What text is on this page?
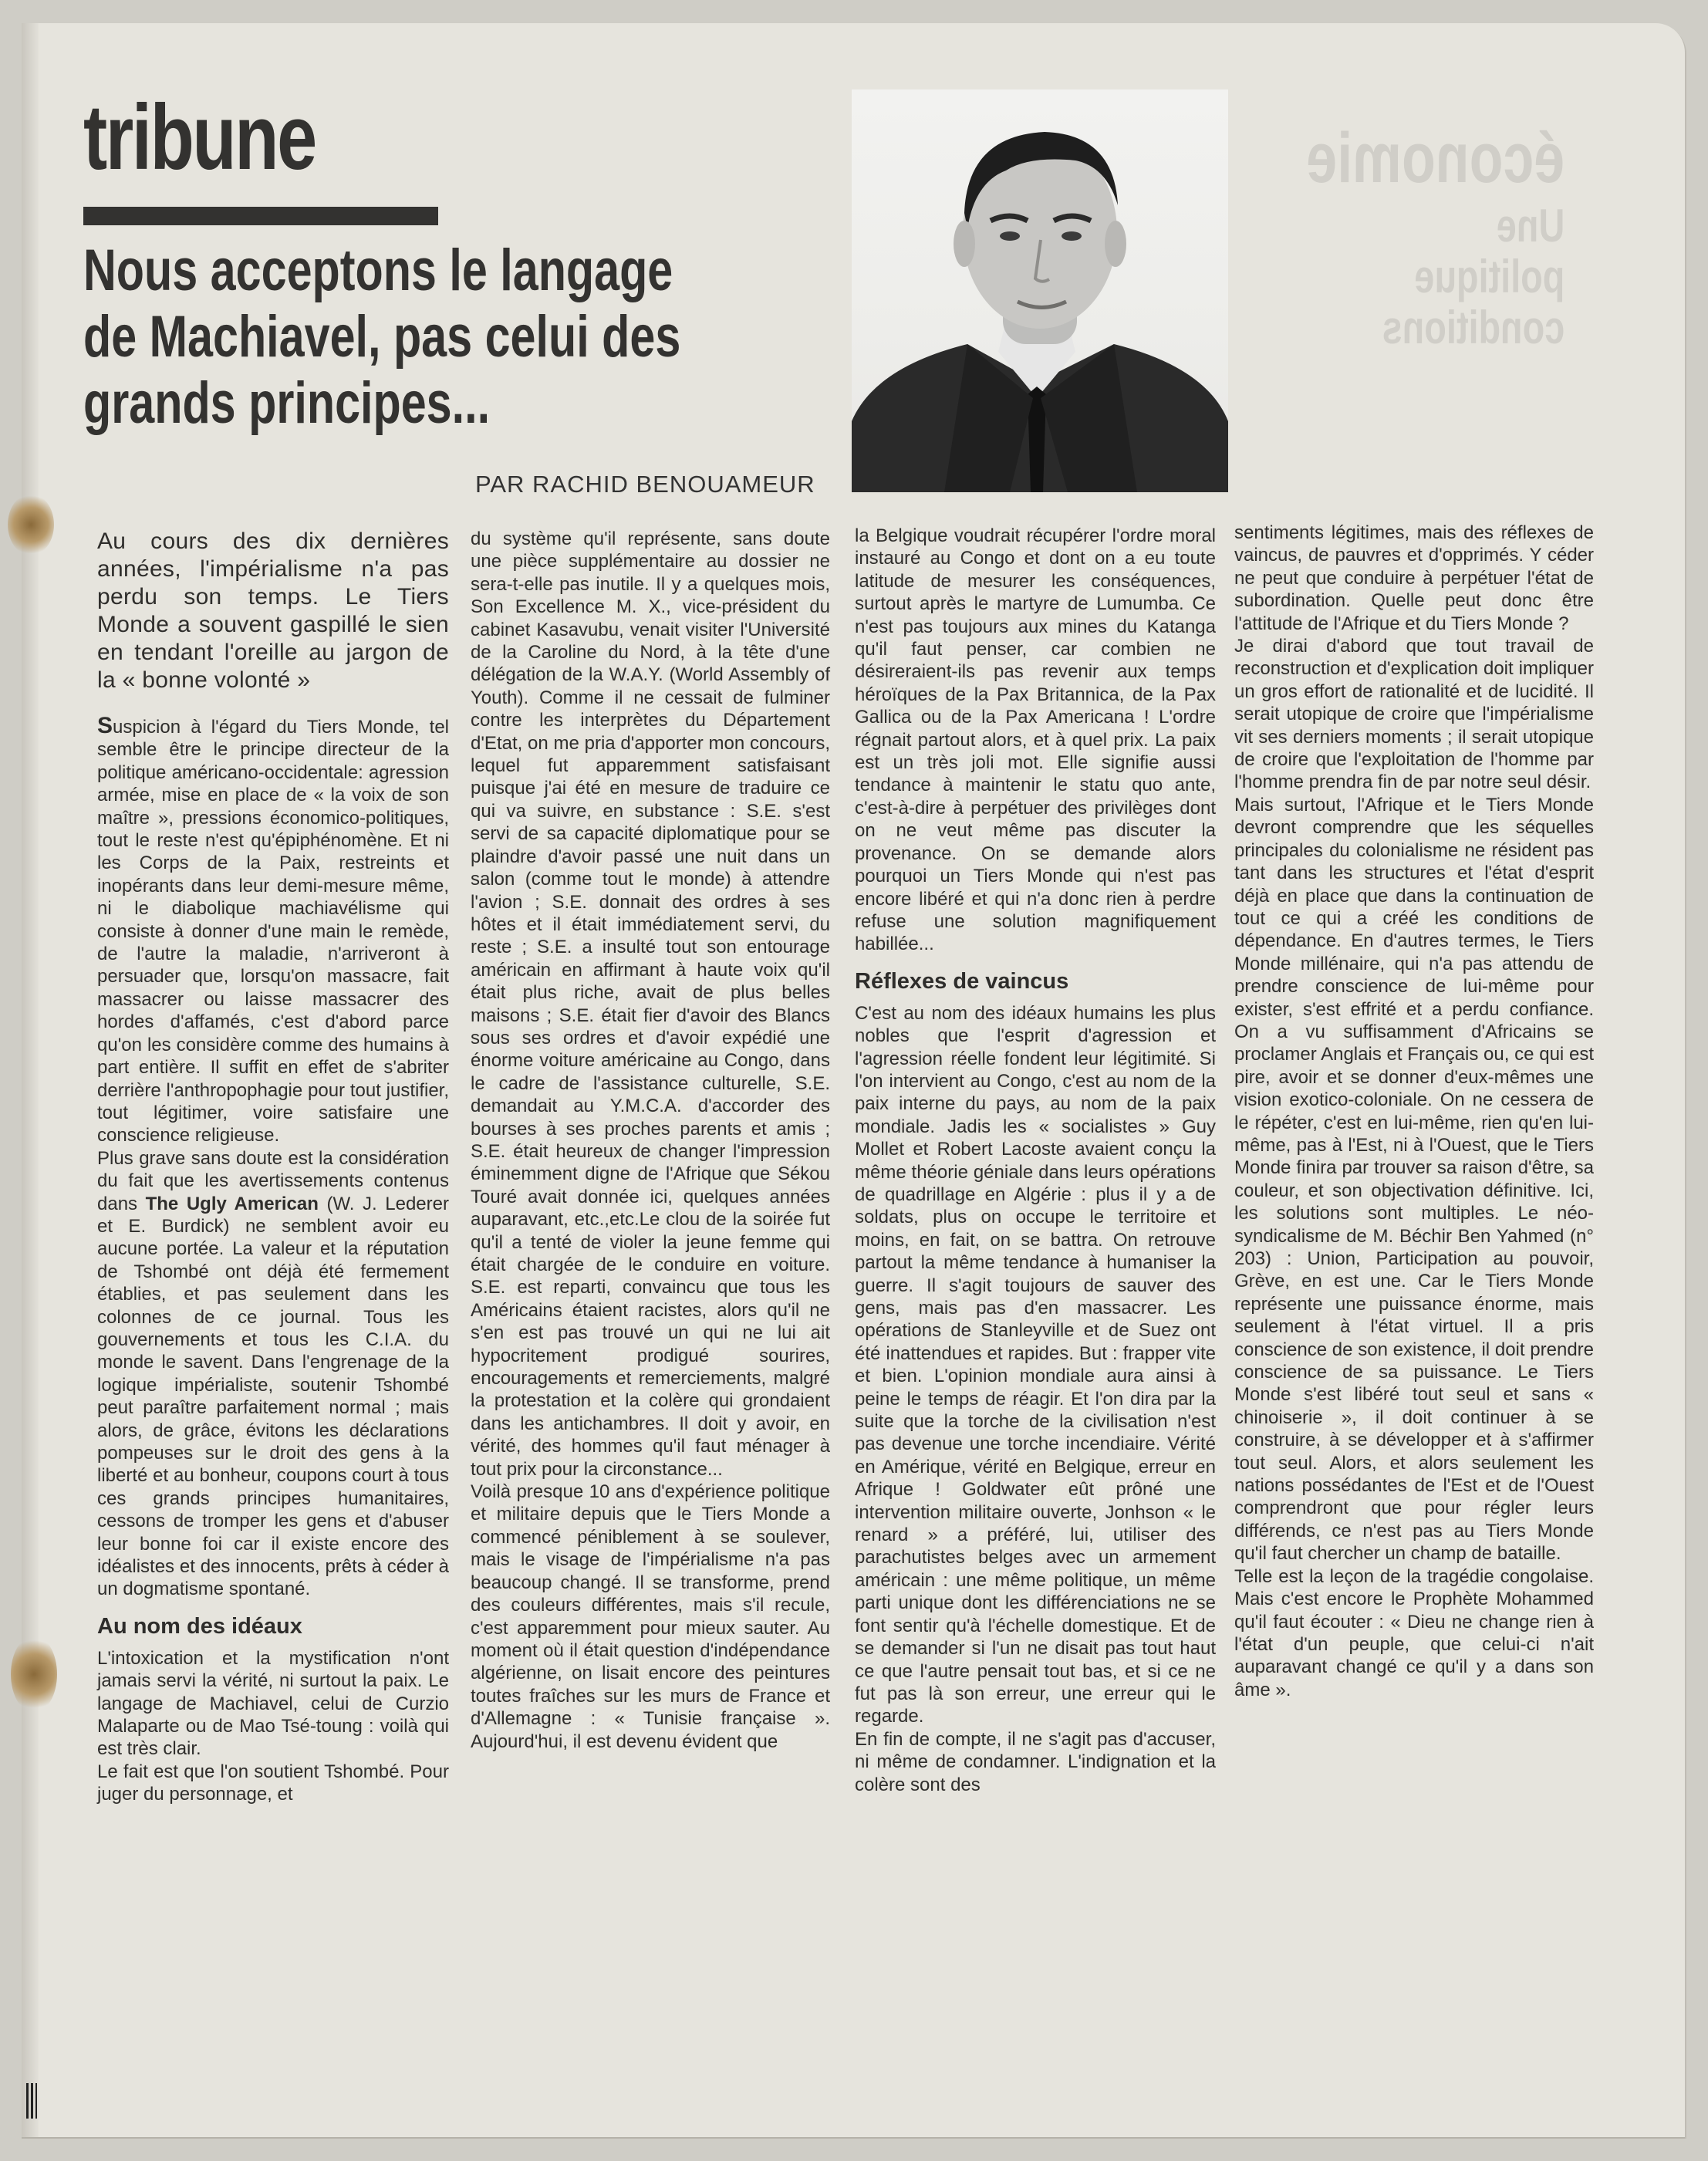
économie
Une
politique
conditions
tribune
Nous acceptons le langage de Machiavel, pas celui des grands principes...
PAR RACHID BENOUAMEUR

Au cours des dix dernières années, l'impérialisme n'a pas perdu son temps. Le Tiers Monde a souvent gaspillé le sien en tendant l'oreille au jargon de la « bonne volonté »

Suspicion à l'égard du Tiers Monde, tel semble être le principe directeur de la politique américano-occidentale: agression armée, mise en place de « la voix de son maître », pressions économico-politiques, tout le reste n'est qu'épiphénomène. Et ni les Corps de la Paix, restreints et inopérants dans leur demi-mesure même, ni le diabolique machiavélisme qui consiste à donner d'une main le remède, de l'autre la maladie, n'arriveront à persuader que, lorsqu'on massacre, fait massacrer ou laisse massacrer des hordes d'affamés, c'est d'abord parce qu'on les considère comme des humains à part entière. Il suffit en effet de s'abriter derrière l'anthropophagie pour tout justifier, tout légitimer, voire satisfaire une conscience religieuse.

Plus grave sans doute est la considération du fait que les avertissements contenus dans The Ugly American (W. J. Lederer et E. Burdick) ne semblent avoir eu aucune portée. La valeur et la réputation de Tshombé ont déjà été fermement établies, et pas seulement dans les colonnes de ce journal. Tous les gouvernements et tous les C.I.A. du monde le savent. Dans l'engrenage de la logique impérialiste, soutenir Tshombé peut paraître parfaitement normal ; mais alors, de grâce, évitons les déclarations pompeuses sur le droit des gens à la liberté et au bonheur, coupons court à tous ces grands principes humanitaires, cessons de tromper les gens et d'abuser leur bonne foi car il existe encore des idéalistes et des innocents, prêts à céder à un dogmatisme spontané.

Au nom des idéaux

L'intoxication et la mystification n'ont jamais servi la vérité, ni surtout la paix. Le langage de Machiavel, celui de Curzio Malaparte ou de Mao Tsé-toung : voilà qui est très clair.

Le fait est que l'on soutient Tshombé. Pour juger du personnage, et

du système qu'il représente, sans doute une pièce supplémentaire au dossier ne sera-t-elle pas inutile. Il y a quelques mois, Son Excellence M. X., vice-président du cabinet Kasavubu, venait visiter l'Université de la Caroline du Nord, à la tête d'une délégation de la W.A.Y. (World Assembly of Youth). Comme il ne cessait de fulminer contre les interprètes du Département d'Etat, on me pria d'apporter mon concours, lequel fut apparemment satisfaisant puisque j'ai été en mesure de traduire ce qui va suivre, en substance : S.E. s'est servi de sa capacité diplomatique pour se plaindre d'avoir passé une nuit dans un salon (comme tout le monde) à attendre l'avion ; S.E. donnait des ordres à ses hôtes et il était immédiatement servi, du reste ; S.E. a insulté tout son entourage américain en affirmant à haute voix qu'il était plus riche, avait de plus belles maisons ; S.E. était fier d'avoir des Blancs sous ses ordres et d'avoir expédié une énorme voiture américaine au Congo, dans le cadre de l'assistance culturelle, S.E. demandait au Y.M.C.A. d'accorder des bourses à ses proches parents et amis ; S.E. était heureux de changer l'impression éminemment digne de l'Afrique que Sékou Touré avait donnée ici, quelques années auparavant, etc.,etc.Le clou de la soirée fut qu'il a tenté de violer la jeune femme qui était chargée de le conduire en voiture. S.E. est reparti, convaincu que tous les Américains étaient racistes, alors qu'il ne s'en est pas trouvé un qui ne lui ait hypocritement prodigué sourires, encouragements et remerciements, malgré la protestation et la colère qui grondaient dans les antichambres. Il doit y avoir, en vérité, des hommes qu'il faut ménager à tout prix pour la circonstance...

Voilà presque 10 ans d'expérience politique et militaire depuis que le Tiers Monde a commencé péniblement à se soulever, mais le visage de l'impérialisme n'a pas beaucoup changé. Il se transforme, prend des couleurs différentes, mais s'il recule, c'est apparemment pour mieux sauter. Au moment où il était question d'indépendance algérienne, on lisait encore des peintures toutes fraîches sur les murs de France et d'Allemagne : « Tunisie française ». Aujourd'hui, il est devenu évident que

la Belgique voudrait récupérer l'ordre moral instauré au Congo et dont on a eu toute latitude de mesurer les conséquences, surtout après le martyre de Lumumba. Ce n'est pas toujours aux mines du Katanga qu'il faut penser, car combien ne désireraient-ils pas revenir aux temps héroïques de la Pax Britannica, de la Pax Gallica ou de la Pax Americana ! L'ordre régnait partout alors, et à quel prix. La paix est un très joli mot. Elle signifie aussi tendance à maintenir le statu quo ante, c'est-à-dire à perpétuer des privilèges dont on ne veut même pas discuter la provenance. On se demande alors pourquoi un Tiers Monde qui n'est pas encore libéré et qui n'a donc rien à perdre refuse une solution magnifiquement habillée...

Réflexes de vaincus

C'est au nom des idéaux humains les plus nobles que l'esprit d'agression et l'agression réelle fondent leur légitimité. Si l'on intervient au Congo, c'est au nom de la paix interne du pays, au nom de la paix mondiale. Jadis les « socialistes » Guy Mollet et Robert Lacoste avaient conçu la même théorie géniale dans leurs opérations de quadrillage en Algérie : plus il y a de soldats, plus on occupe le territoire et moins, en fait, on se battra. On retrouve partout la même tendance à humaniser la guerre. Il s'agit toujours de sauver des gens, mais pas d'en massacrer. Les opérations de Stanleyville et de Suez ont été inattendues et rapides. But : frapper vite et bien. L'opinion mondiale aura ainsi à peine le temps de réagir. Et l'on dira par la suite que la torche de la civilisation n'est pas devenue une torche incendiaire. Vérité en Amérique, vérité en Belgique, erreur en Afrique ! Goldwater eût prôné une intervention militaire ouverte, Jonhson « le renard » a préféré, lui, utiliser des parachutistes belges avec un armement américain : une même politique, un même parti unique dont les différenciations ne se font sentir qu'à l'échelle domestique. Et de se demander si l'un ne disait pas tout haut ce que l'autre pensait tout bas, et si ce ne fut pas là son erreur, une erreur qui le regarde.

En fin de compte, il ne s'agit pas d'accuser, ni même de condamner. L'indignation et la colère sont des

sentiments légitimes, mais des réflexes de vaincus, de pauvres et d'opprimés. Y céder ne peut que conduire à perpétuer l'état de subordination. Quelle peut donc être l'attitude de l'Afrique et du Tiers Monde ?

Je dirai d'abord que tout travail de reconstruction et d'explication doit impliquer un gros effort de rationalité et de lucidité. Il serait utopique de croire que l'impérialisme vit ses derniers moments ; il serait utopique de croire que l'exploitation de l'homme par l'homme prendra fin de par notre seul désir.

Mais surtout, l'Afrique et le Tiers Monde devront comprendre que les séquelles principales du colonialisme ne résident pas tant dans les structures et l'état d'esprit déjà en place que dans la continuation de tout ce qui a créé les conditions de dépendance. En d'autres termes, le Tiers Monde millénaire, qui n'a pas attendu de prendre conscience de lui-même pour exister, s'est effrité et a perdu confiance. On a vu suffisamment d'Africains se proclamer Anglais et Français ou, ce qui est pire, avoir et se donner d'eux-mêmes une vision exotico-coloniale. On ne cessera de le répéter, c'est en lui-même, rien qu'en lui-même, pas à l'Est, ni à l'Ouest, que le Tiers Monde finira par trouver sa raison d'être, sa couleur, et son objectivation définitive. Ici, les solutions sont multiples. Le néo-syndicalisme de M. Béchir Ben Yahmed (n° 203) : Union, Participation au pouvoir, Grève, en est une. Car le Tiers Monde représente une puissance énorme, mais seulement à l'état virtuel. Il a pris conscience de son existence, il doit prendre conscience de sa puissance. Le Tiers Monde s'est libéré tout seul et sans « chinoiserie », il doit continuer à se construire, à se développer et à s'affirmer tout seul. Alors, et alors seulement les nations possédantes de l'Est et de l'Ouest comprendront que pour régler leurs différends, ce n'est pas au Tiers Monde qu'il faut chercher un champ de bataille.

Telle est la leçon de la tragédie congolaise. Mais c'est encore le Prophète Mohammed qu'il faut écouter : « Dieu ne change rien à l'état d'un peuple, que celui-ci n'ait auparavant changé ce qu'il y a dans son âme ».
